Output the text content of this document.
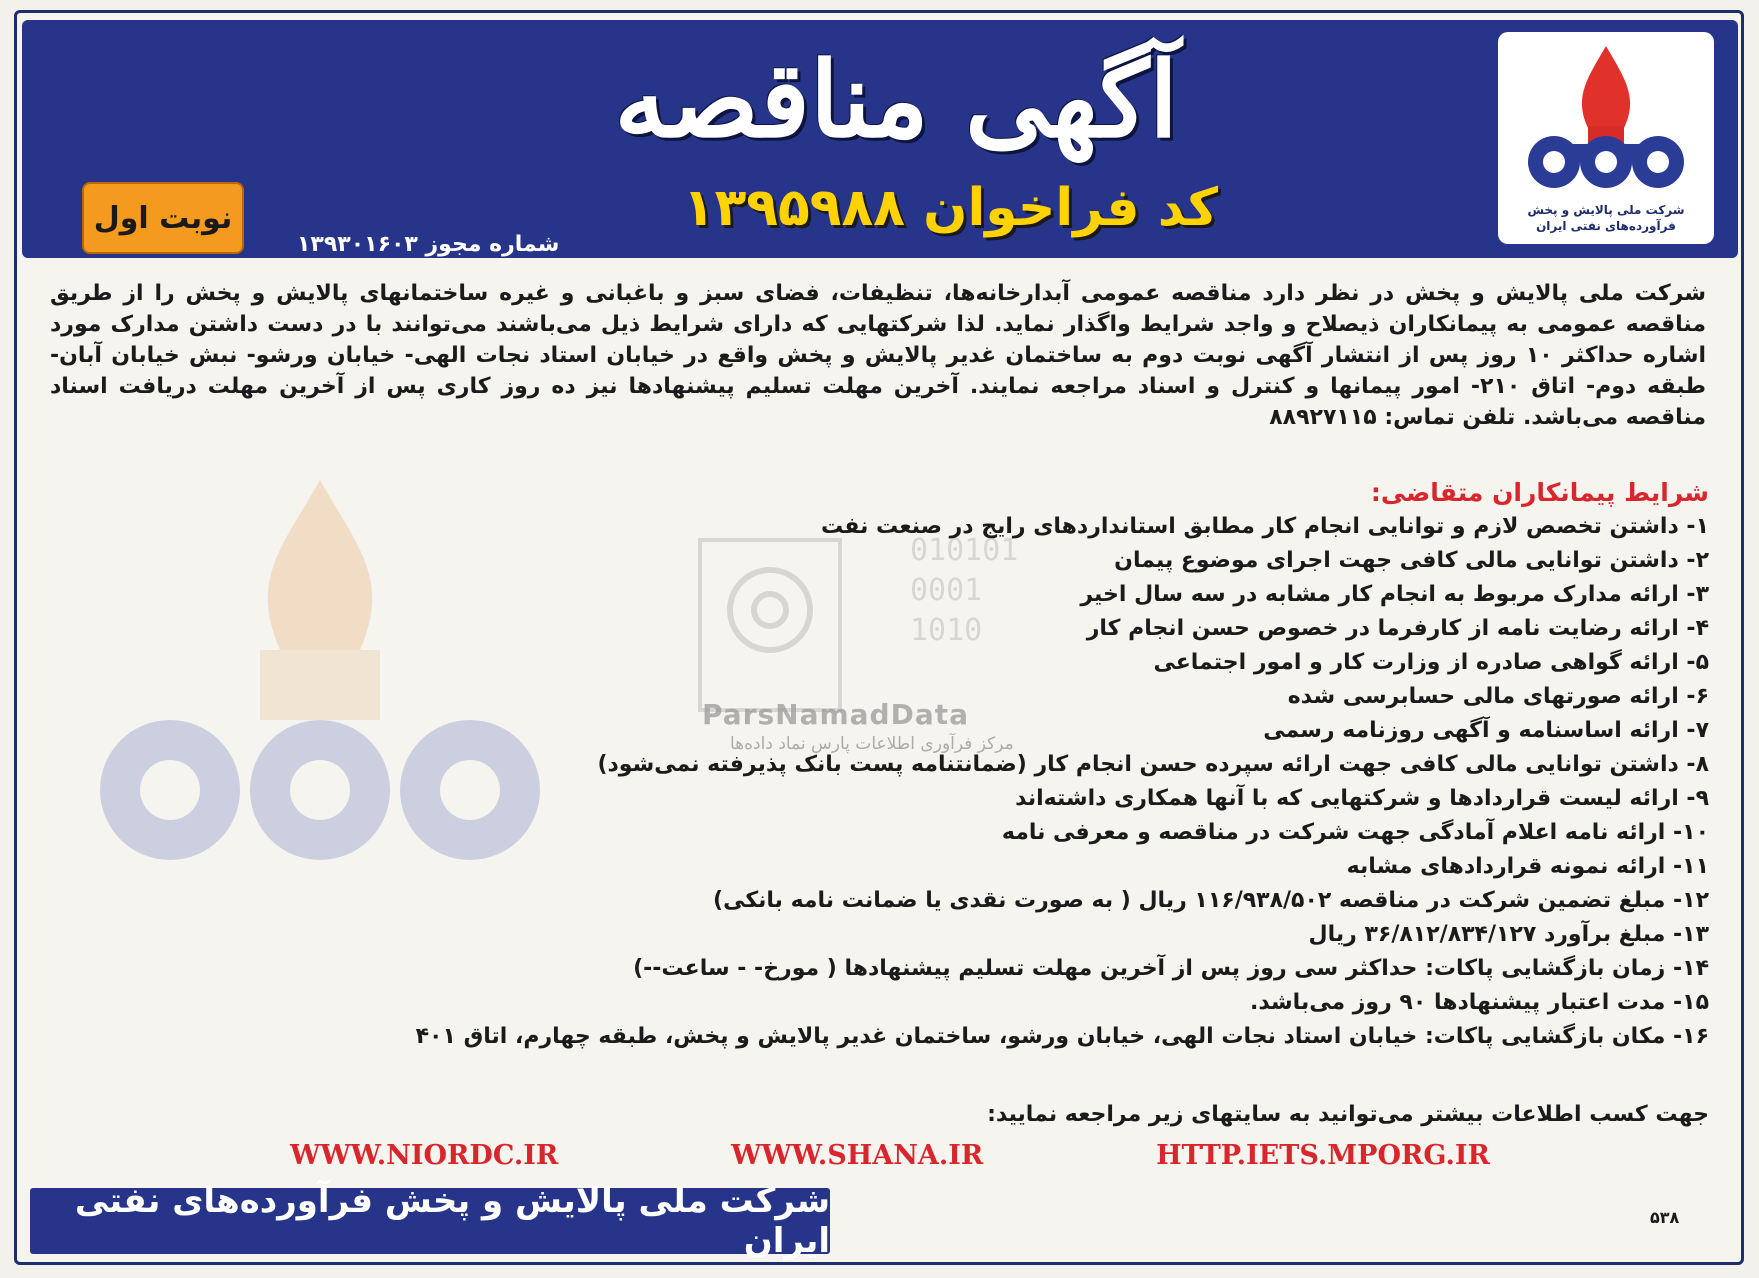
010101
0001
1010
ParsNamadData
مرکز فرآوری اطلاعات پارس نماد داده‌ها
شرکت ملی پالایش و پخش
فرآورده‌های نفتی ایران
آگهی مناقصه
کد فراخوان ۱۳۹۵۹۸۸
شماره مجوز ۱۳۹۳۰۱۶۰۳
نوبت اول
شرکت ملی پالایش و پخش در نظر دارد مناقصه عمومی آبدارخانه‌ها، تنظیفات، فضای سبز و باغبانی و غیره ساختمانهای پالایش و پخش را از طریق مناقصه عمومی به پیمانکاران ذیصلاح و واجد شرایط واگذار نماید. لذا شرکتهایی که دارای شرایط ذیل می‌باشند می‌توانند با در دست داشتن مدارک مورد اشاره حداکثر ۱۰ روز پس از انتشار آگهی نوبت دوم به ساختمان غدیر پالایش و پخش واقع در خیابان استاد نجات الهی- خیابان ورشو- نبش خیابان آبان- طبقه دوم- اتاق ۲۱۰- امور پیمانها و کنترل و اسناد مراجعه نمایند. آخرین مهلت تسلیم پیشنهادها نیز ده روز کاری پس از آخرین مهلت دریافت اسناد مناقصه می‌باشد. تلفن تماس: ۸۸۹۲۷۱۱۵
شرایط پیمانکاران متقاضی:
۱- داشتن تخصص لازم و توانایی انجام کار مطابق استانداردهای رایج در صنعت نفت
۲- داشتن توانایی مالی کافی جهت اجرای موضوع پیمان
۳- ارائه مدارک مربوط به انجام کار مشابه در سه سال اخیر
۴- ارائه رضایت نامه از کارفرما در خصوص حسن انجام کار
۵- ارائه گواهی صادره از وزارت کار و امور اجتماعی
۶- ارائه صورتهای مالی حسابرسی شده
۷- ارائه اساسنامه و آگهی روزنامه رسمی
۸- داشتن توانایی مالی کافی جهت ارائه سپرده حسن انجام کار (ضمانتنامه پست بانک پذیرفته نمی‌شود)
۹- ارائه لیست قراردادها و شرکتهایی که با آنها همکاری داشته‌اند
۱۰- ارائه نامه اعلام آمادگی جهت شرکت در مناقصه و معرفی نامه
۱۱- ارائه نمونه قراردادهای مشابه
۱۲- مبلغ تضمین شرکت در مناقصه ۱۱۶/۹۳۸/۵۰۲ ریال ( به صورت نقدی یا ضمانت نامه بانکی)
۱۳- مبلغ برآورد ۳۶/۸۱۲/۸۳۴/۱۲۷ ریال
۱۴- زمان بازگشایی پاکات: حداکثر سی روز پس از آخرین مهلت تسلیم پیشنهادها ( مورخ- - ساعت--)
۱۵- مدت اعتبار پیشنهادها ۹۰ روز می‌باشد.
۱۶- مکان بازگشایی پاکات: خیابان استاد نجات الهی، خیابان ورشو، ساختمان غدیر پالایش و پخش، طبقه چهارم، اتاق ۴۰۱
جهت کسب اطلاعات بیشتر می‌توانید به سایتهای زیر مراجعه نمایید:
WWW.NIORDC.IR	WWW.SHANA.IR	HTTP.IETS.MPORG.IR
شرکت ملی پالایش و پخش فرآورده‌های نفتی ایران
۵۳۸
